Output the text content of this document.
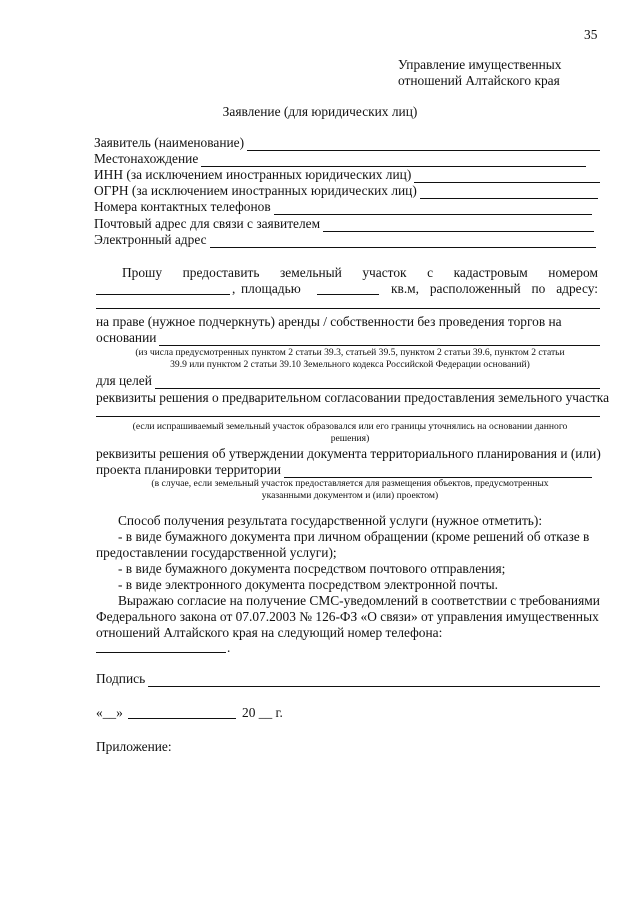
35
Управление имущественных
отношений Алтайского края
Заявление (для юридических лиц)
Заявитель (наименование)
Местонахождение
ИНН (за исключением иностранных юридических лиц)
ОГРН (за исключением иностранных юридических лиц)
Номера контактных телефонов
Почтовый адрес для связи с заявителем
Электронный адрес
Прошу предоставить земельный участок с кадастровым номером
, площадью	кв.м, расположенный по адресу:
на праве (нужное подчеркнуть) аренды / собственности без проведения торгов на
основании
(из числа предусмотренных пунктом 2 статьи 39.3, статьей 39.5, пунктом 2 статьи 39.6, пунктом 2 статьи
39.9 или пунктом 2 статьи 39.10 Земельного кодекса Российской Федерации оснований)
для целей
реквизиты решения о предварительном согласовании предоставления земельного участка
(если испрашиваемый земельный участок образовался или его границы уточнялись на основании данного
решения)
реквизиты решения об утверждении документа территориального планирования и (или)
проекта планировки территории
(в случае, если земельный участок предоставляется для размещения объектов, предусмотренных
указанными документом и (или) проектом)
Способ получения результата государственной услуги (нужное отметить):
- в виде бумажного документа при личном обращении (кроме решений об отказе в
предоставлении государственной услуги);
- в виде бумажного документа посредством почтового отправления;
- в виде электронного документа посредством электронной почты.
Выражаю согласие на получение СМС-уведомлений в соответствии с требованиями
Федерального закона от 07.07.2003 № 126-ФЗ «О связи» от управления имущественных
отношений Алтайского края на следующий номер телефона:
.
Подпись
«__»	20 __ г.
Приложение:
